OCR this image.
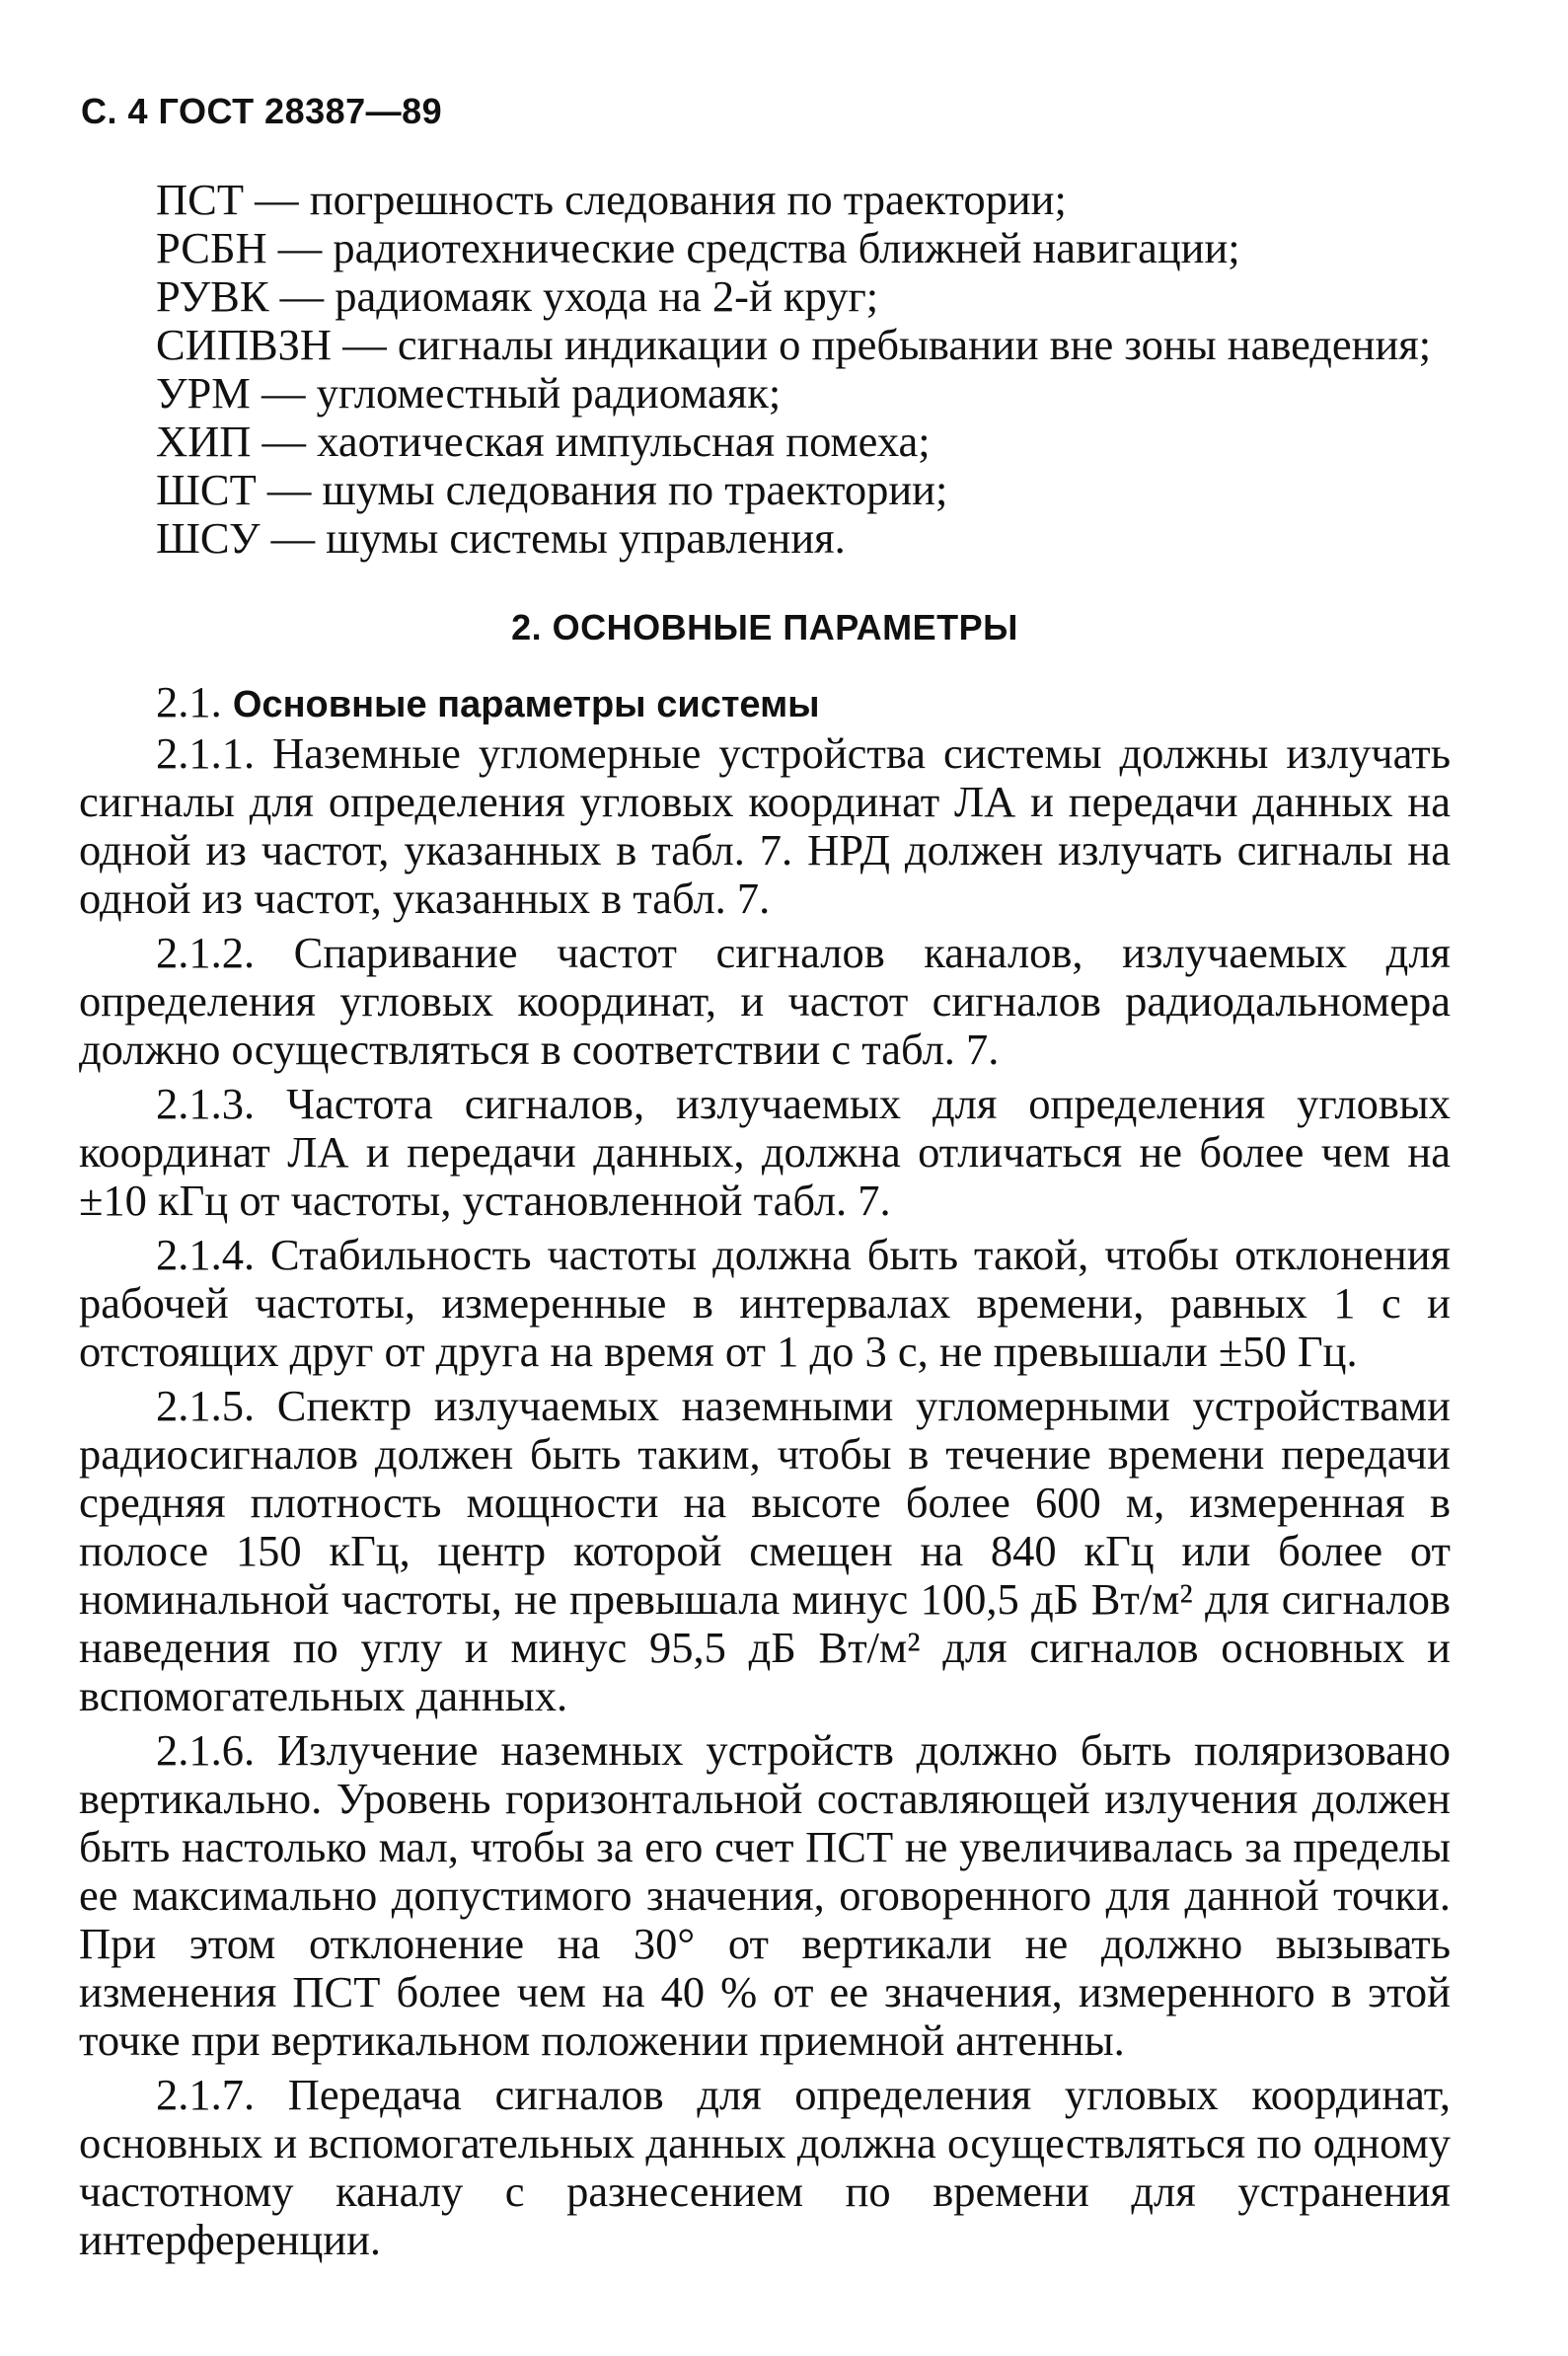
С. 4 ГОСТ 28387—89

ПСТ — погрешность следования по траектории;

РСБН — радиотехнические средства ближней навигации;

РУВК — радиомаяк ухода на 2-й круг;

СИПВЗН — сигналы индикации о пребывании вне зоны наведения;

УРМ — угломестный радиомаяк;

ХИП — хаотическая импульсная помеха;

ШСТ — шумы следования по траектории;

ШСУ — шумы системы управления.

2. ОСНОВНЫЕ ПАРАМЕТРЫ

2.1. Основные параметры системы

2.1.1. Наземные угломерные устройства системы должны излучать сигналы для определения угловых координат ЛА и передачи данных на одной из частот, указанных в табл. 7. НРД должен излучать сигналы на одной из частот, указанных в табл. 7.

2.1.2. Спаривание частот сигналов каналов, излучаемых для определения угловых координат, и частот сигналов радиодальномера должно осуществляться в соответствии с табл. 7.

2.1.3. Частота сигналов, излучаемых для определения угловых координат ЛА и передачи данных, должна отличаться не более чем на ±10 кГц от частоты, установленной табл. 7.

2.1.4. Стабильность частоты должна быть такой, чтобы отклонения рабочей частоты, измеренные в интервалах времени, равных 1 с и отстоящих друг от друга на время от 1 до 3 с, не превышали ±50 Гц.

2.1.5. Спектр излучаемых наземными угломерными устройствами радиосигналов должен быть таким, чтобы в течение времени передачи средняя плотность мощности на высоте более 600 м, измеренная в полосе 150 кГц, центр которой смещен на 840 кГц или более от номинальной частоты, не превышала минус 100,5 дБ Вт/м² для сигналов наведения по углу и минус 95,5 дБ Вт/м² для сигналов основных и вспомогательных данных.

2.1.6. Излучение наземных устройств должно быть поляризовано вертикально. Уровень горизонтальной составляющей излучения должен быть настолько мал, чтобы за его счет ПСТ не увеличивалась за пределы ее максимально допустимого значения, оговоренного для данной точки. При этом отклонение на 30° от вертикали не должно вызывать изменения ПСТ более чем на 40 % от ее значения, измеренного в этой точке при вертикальном положении приемной антенны.

2.1.7. Передача сигналов для определения угловых координат, основных и вспомогательных данных должна осуществляться по одному частотному каналу с разнесением по времени для устранения интерференции.
